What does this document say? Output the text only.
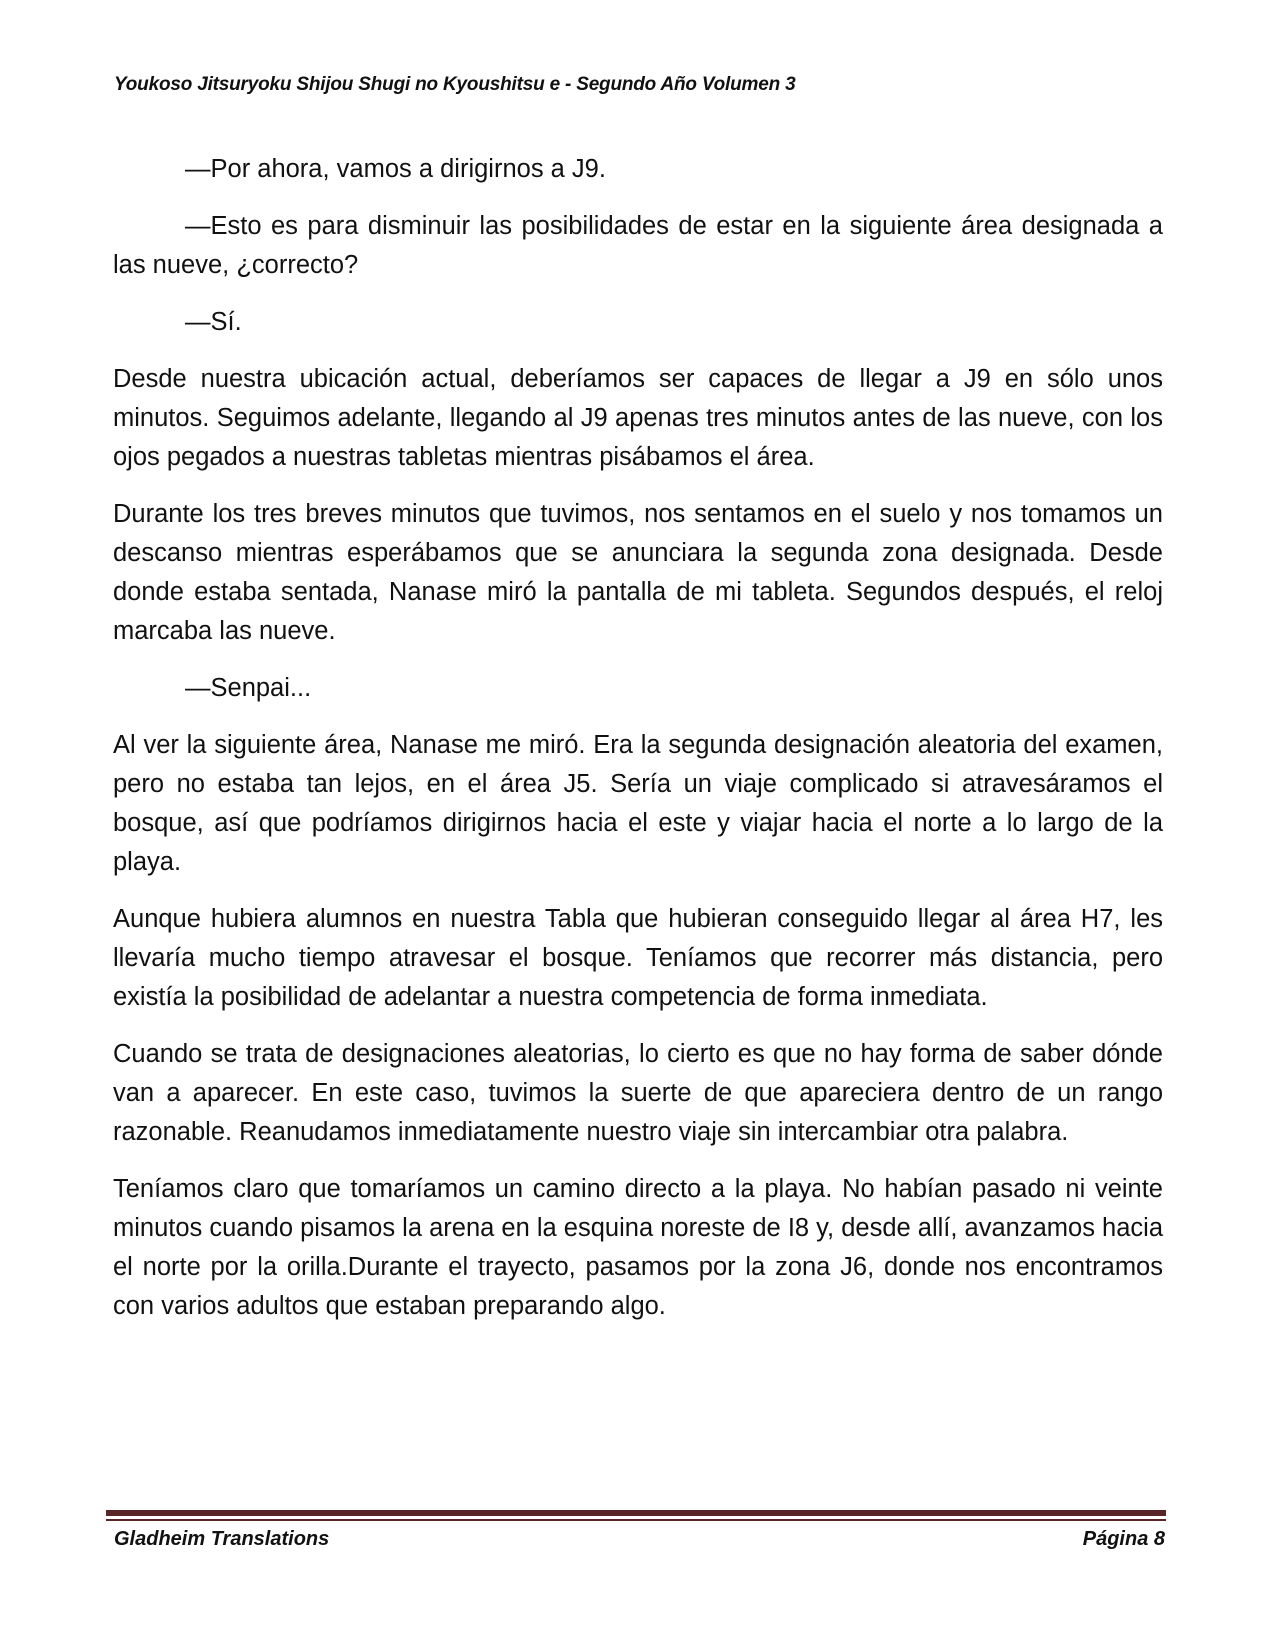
Youkoso Jitsuryoku Shijou Shugi no Kyoushitsu e - Segundo Año Volumen 3

—Por ahora, vamos a dirigirnos a J9.

—Esto es para disminuir las posibilidades de estar en la siguiente área designada a las nueve, ¿correcto?

—Sí.

Desde nuestra ubicación actual, deberíamos ser capaces de llegar a J9 en sólo unos minutos. Seguimos adelante, llegando al J9 apenas tres minutos antes de las nueve, con los ojos pegados a nuestras tabletas mientras pisábamos el área.

Durante los tres breves minutos que tuvimos, nos sentamos en el suelo y nos tomamos un descanso mientras esperábamos que se anunciara la segunda zona designada. Desde donde estaba sentada, Nanase miró la pantalla de mi tableta. Segundos después, el reloj marcaba las nueve.

—Senpai...

Al ver la siguiente área, Nanase me miró. Era la segunda designación aleatoria del examen, pero no estaba tan lejos, en el área J5. Sería un viaje complicado si atravesáramos el bosque, así que podríamos dirigirnos hacia el este y viajar hacia el norte a lo largo de la playa.

Aunque hubiera alumnos en nuestra Tabla que hubieran conseguido llegar al área H7, les llevaría mucho tiempo atravesar el bosque. Teníamos que recorrer más distancia, pero existía la posibilidad de adelantar a nuestra competencia de forma inmediata.

Cuando se trata de designaciones aleatorias, lo cierto es que no hay forma de saber dónde van a aparecer. En este caso, tuvimos la suerte de que apareciera dentro de un rango razonable. Reanudamos inmediatamente nuestro viaje sin intercambiar otra palabra.

Teníamos claro que tomaríamos un camino directo a la playa. No habían pasado ni veinte minutos cuando pisamos la arena en la esquina noreste de I8 y, desde allí, avanzamos hacia el norte por la orilla.Durante el trayecto, pasamos por la zona J6, donde nos encontramos con varios adultos que estaban preparando algo.

Gladheim Translations	Página 8
